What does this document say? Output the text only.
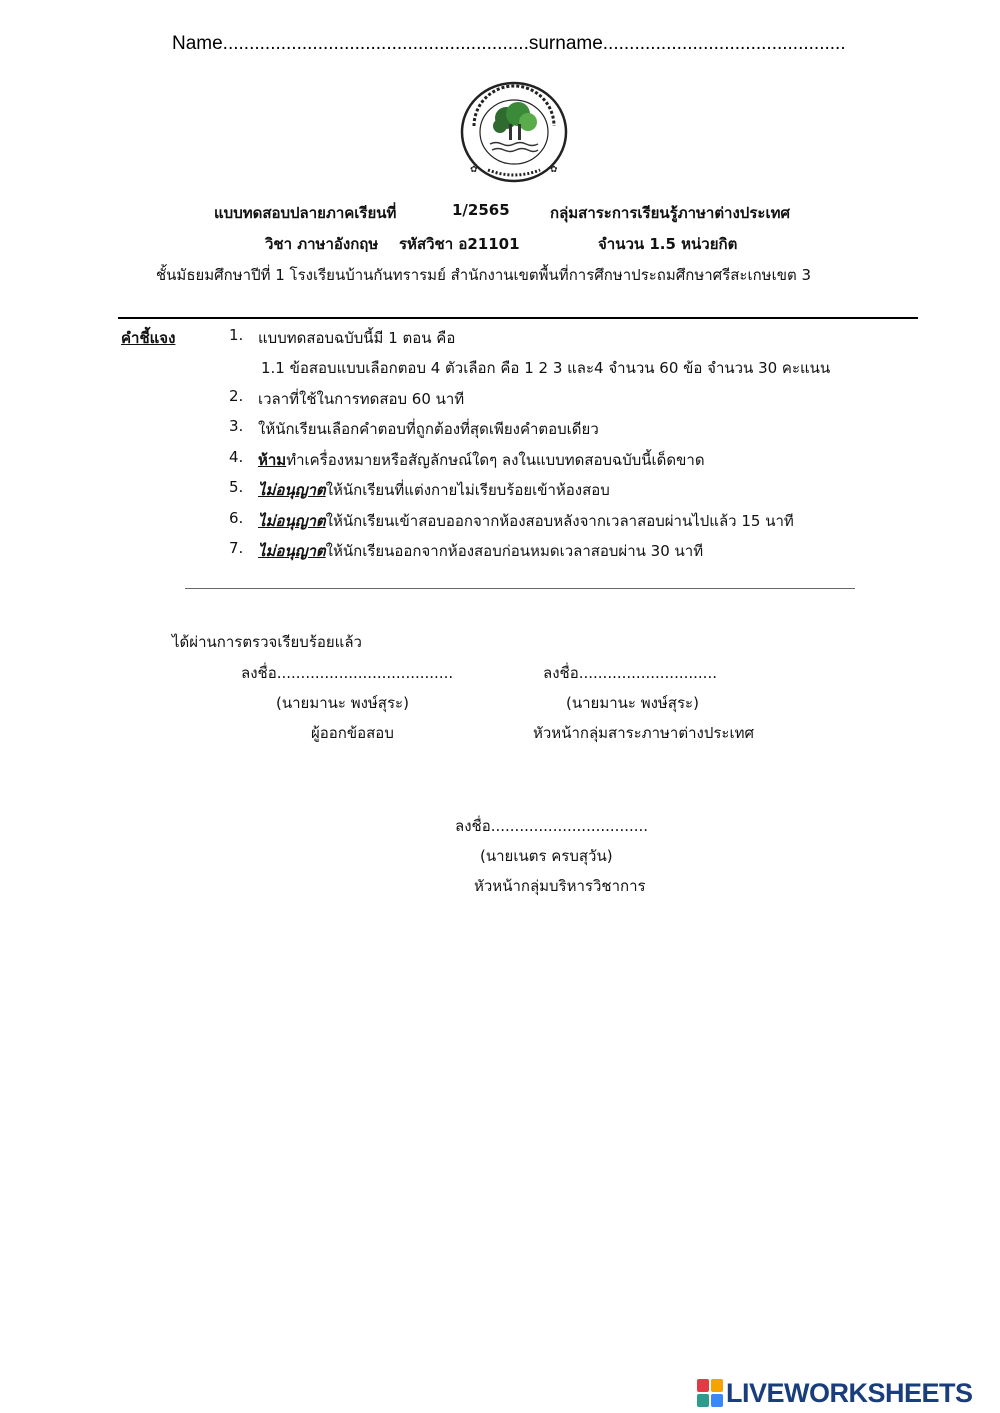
Name..........................................................surname..............................................
✿	✿
แบบทดสอบปลายภาคเรียนที่	1/2565	กลุ่มสาระการเรียนรู้ภาษาต่างประเทศ
วิชา ภาษาอังกฤษ รหัสวิชา อ21101	จำนวน 1.5 หน่วยกิต
ชั้นมัธยมศึกษาปีที่ 1 โรงเรียนบ้านกันทรารมย์ สำนักงานเขตพื้นที่การศึกษาประถมศึกษาศรีสะเกษเขต 3
คำชี้แจง	1. แบบทดสอบฉบับนี้มี 1 ตอน คือ
1.1 ข้อสอบแบบเลือกตอบ 4 ตัวเลือก คือ 1 2 3 และ4 จำนวน 60 ข้อ จำนวน 30 คะแนน
2. เวลาที่ใช้ในการทดสอบ 60 นาที
3. ให้นักเรียนเลือกคำตอบที่ถูกต้องที่สุดเพียงคำตอบเดียว
4. ห้ามทำเครื่องหมายหรือสัญลักษณ์ใดๆ ลงในแบบทดสอบฉบับนี้เด็ดขาด
5. ไม่อนุญาตให้นักเรียนที่แต่งกายไม่เรียบร้อยเข้าห้องสอบ
6. ไม่อนุญาตให้นักเรียนเข้าสอบออกจากห้องสอบหลังจากเวลาสอบผ่านไปแล้ว 15 นาที
7. ไม่อนุญาตให้นักเรียนออกจากห้องสอบก่อนหมดเวลาสอบผ่าน 30 นาที
ได้ผ่านการตรวจเรียบร้อยแล้ว
ลงชื่อ.....................................
(นายมานะ พงษ์สุระ)
ผู้ออกข้อสอบ
ลงชื่อ.............................
(นายมานะ พงษ์สุระ)
หัวหน้ากลุ่มสาระภาษาต่างประเทศ
ลงชื่อ.................................
(นายเนตร ครบสุวัน)
หัวหน้ากลุ่มบริหารวิชาการ
LIVEWORKSHEETS
